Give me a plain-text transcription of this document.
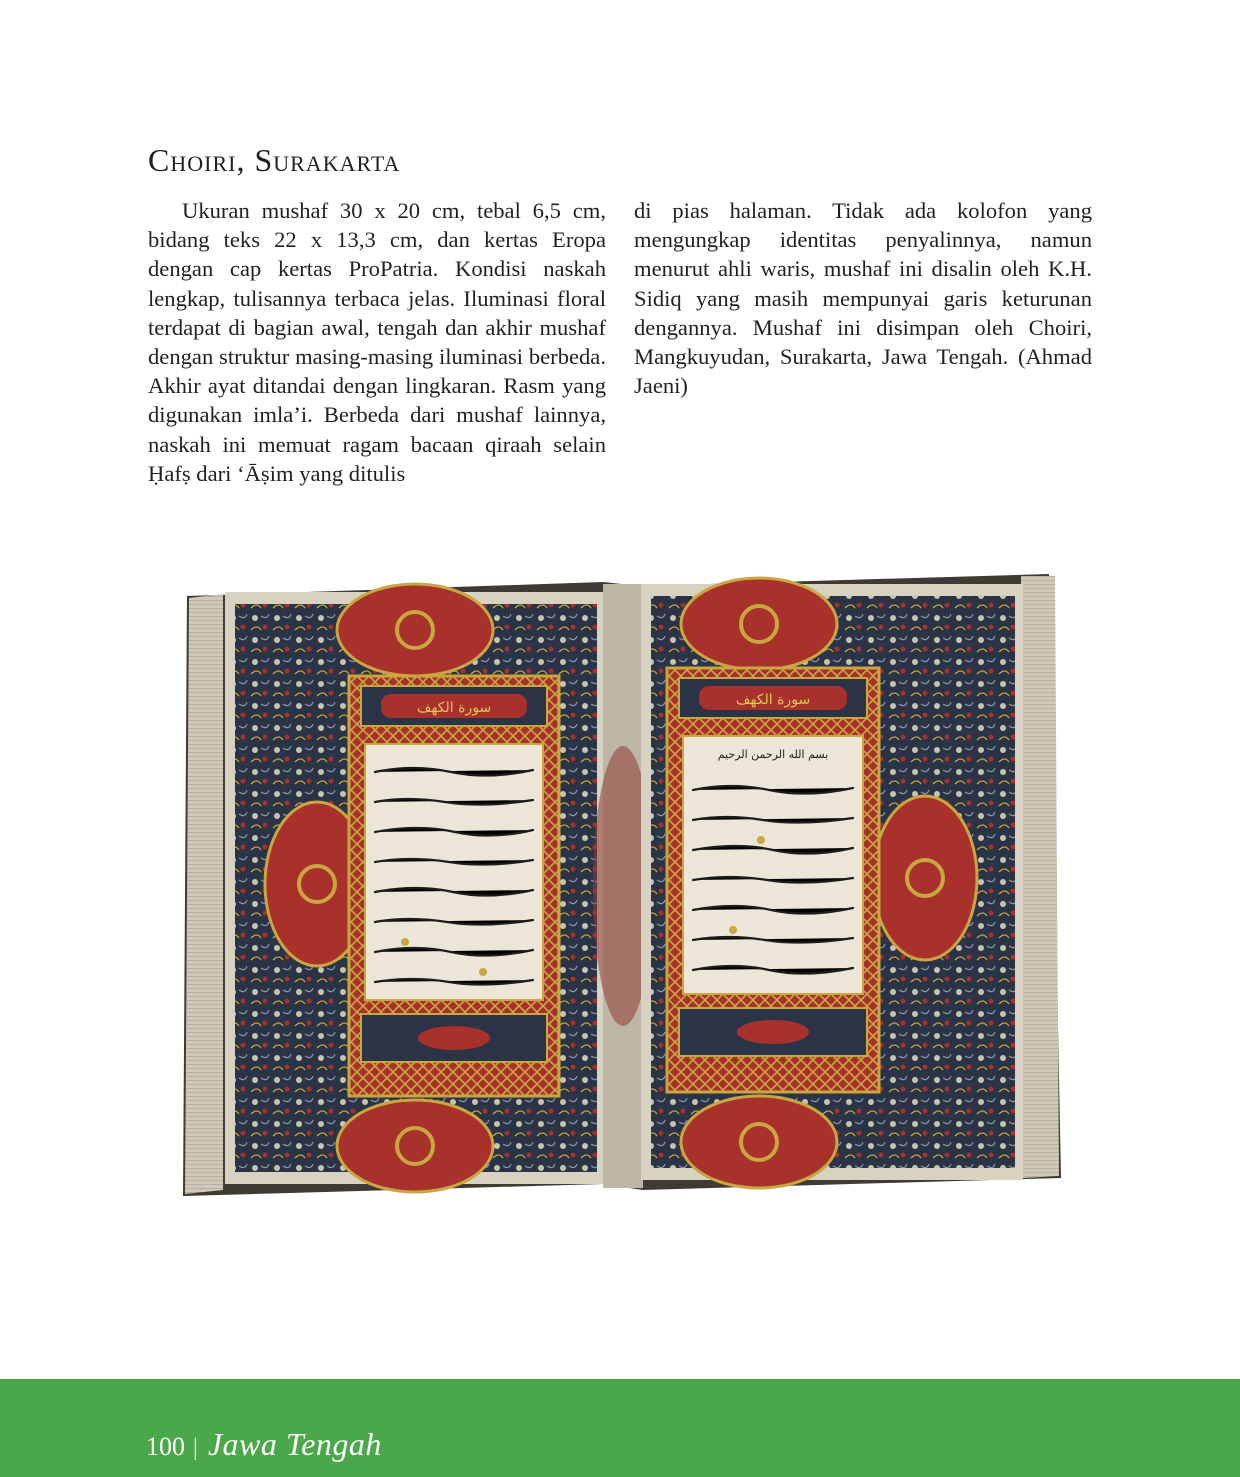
Choiri, Surakarta

Ukuran mushaf 30 x 20 cm, tebal 6,5 cm, bidang teks 22 x 13,3 cm, dan kertas Eropa dengan cap kertas ProPatria. Kondisi naskah lengkap, tulisannya terbaca jelas. Iluminasi floral terdapat di bagian awal, tengah dan akhir mushaf dengan struktur masing-masing iluminasi berbeda. Akhir ayat ditandai dengan lingkaran. Rasm yang digunakan imla’i. Berbeda dari mushaf lainnya, naskah ini memuat ragam bacaan qiraah selain Ḥafṣ dari ‘Āṣim yang ditulis

di pias halaman. Tidak ada kolofon yang mengungkap identitas penyalinnya, namun menurut ahli waris, mushaf ini disalin oleh K.H. Sidiq yang masih mempunyai garis keturunan dengannya. Mushaf ini disimpan oleh Choiri, Mangkuyudan, Surakarta, Jawa Tengah. (Ahmad Jaeni)

سورة الكهف	سورة الكهف
بسم الله الرحمن الرحيم
100 | Jawa Tengah
